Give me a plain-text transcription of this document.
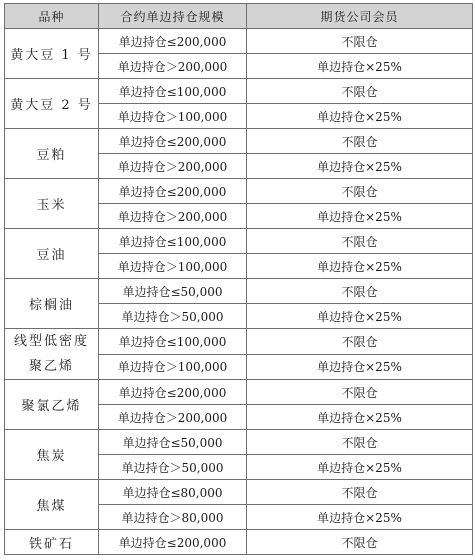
品种	合约单边持仓规模	期货公司会员
黄大豆 1 号	单边持仓≤200,000	不限仓
	单边持仓＞200,000	单边持仓×25%
黄大豆 2 号	单边持仓≤100,000	不限仓
	单边持仓＞100,000	单边持仓×25%
豆粕	单边持仓≤200,000	不限仓
	单边持仓＞200,000	单边持仓×25%
玉米	单边持仓≤200,000	不限仓
	单边持仓＞200,000	单边持仓×25%
豆油	单边持仓≤100,000	不限仓
	单边持仓＞100,000	单边持仓×25%
棕榈油	单边持仓≤50,000	不限仓
	单边持仓＞50,000	单边持仓×25%

线型低密度
聚乙烯	单边持仓≤100,000	不限仓
	单边持仓＞100,000	单边持仓×25%
聚氯乙烯	单边持仓≤200,000	不限仓
	单边持仓＞200,000	单边持仓×25%
焦炭	单边持仓≤50,000	不限仓
	单边持仓＞50,000	单边持仓×25%
焦煤	单边持仓≤80,000	不限仓
	单边持仓＞80,000	单边持仓×25%
铁矿石	单边持仓≤200,000	不限仓
